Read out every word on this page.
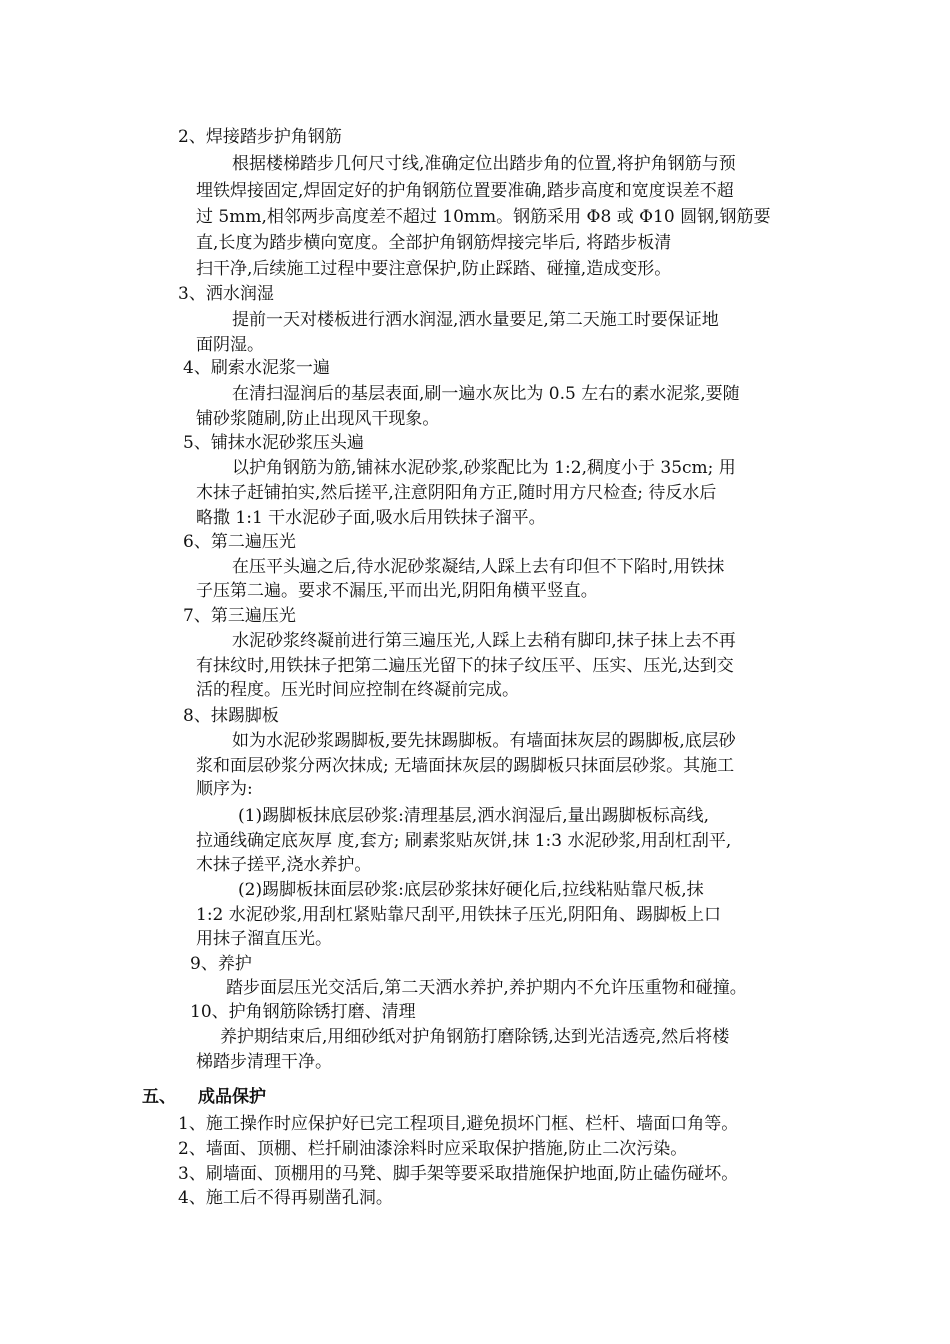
2、焊接踏步护角钢筋
根据楼梯踏步几何尺寸线,准确定位出踏步角的位置,将护角钢筋与预
埋铁焊接固定,焊固定好的护角钢筋位置要准确,踏步高度和宽度误差不超
过 5mm,相邻两步高度差不超过 10mm。钢筋采用 Φ8 或 Φ10 圆钢,钢筋要
直,长度为踏步横向宽度。全部护角钢筋焊接完毕后, 将踏步板清
扫干净,后续施工过程中要注意保护,防止踩踏、碰撞,造成变形。
3、洒水润湿
提前一天对楼板进行洒水润湿,洒水量要足,第二天施工时要保证地
面阴湿。
4、刷索水泥浆一遍
在清扫湿润后的基层表面,刷一遍水灰比为 0.5 左右的素水泥浆,要随
铺砂浆随刷,防止出现风干现象。
5、铺抹水泥砂浆压头遍
以护角钢筋为筋,铺袜水泥砂浆,砂浆配比为 1:2,稠度小于 35cm; 用
木抹子赶铺拍实,然后搓平,注意阴阳角方正,随时用方尺检查; 待反水后
略撒 1:1 干水泥砂子面,吸水后用铁抹子溜平。
6、第二遍压光
在压平头遍之后,待水泥砂浆凝结,人踩上去有印但不下陷时,用铁抹
子压第二遍。要求不漏压,平而出光,阴阳角横平竖直。
7、第三遍压光
水泥砂浆终凝前进行第三遍压光,人踩上去稍有脚印,抹子抹上去不再
有抹纹时,用铁抹子把第二遍压光留下的抹子纹压平、压实、压光,达到交
活的程度。压光时间应控制在终凝前完成。
8、抹踢脚板
如为水泥砂浆踢脚板,要先抹踢脚板。有墙面抹灰层的踢脚板,底层砂
浆和面层砂浆分两次抹成; 无墙面抹灰层的踢脚板只抹面层砂浆。其施工
顺序为:
(1)踢脚板抹底层砂浆:清理基层,洒水润湿后,量出踢脚板标高线,
拉通线确定底灰厚 度,套方; 刷素浆贴灰饼,抹 1:3 水泥砂浆,用刮杠刮平,
木抹子搓平,浇水养护。
(2)踢脚板抹面层砂浆:底层砂浆抹好硬化后,拉线粘贴靠尺板,抹
1:2 水泥砂浆,用刮杠紧贴靠尺刮平,用铁抹子压光,阴阳角、踢脚板上口
用抹子溜直压光。
9、养护
踏步面层压光交活后,第二天洒水养护,养护期内不允许压重物和碰撞。
10、护角钢筋除锈打磨、清理
养护期结束后,用细砂纸对护角钢筋打磨除锈,达到光洁透亮,然后将楼
梯踏步清理干净。
五、 成品保护
1、施工操作时应保护好已完工程项目,避免损坏门框、栏杆、墙面口角等。
2、墙面、顶棚、栏扦刷油漆涂料时应采取保护揩施,防止二次污染。
3、刷墙面、顶棚用的马凳、脚手架等要采取措施保护地面,防止磕伤碰坏。
4、施工后不得再剔凿孔洞。
